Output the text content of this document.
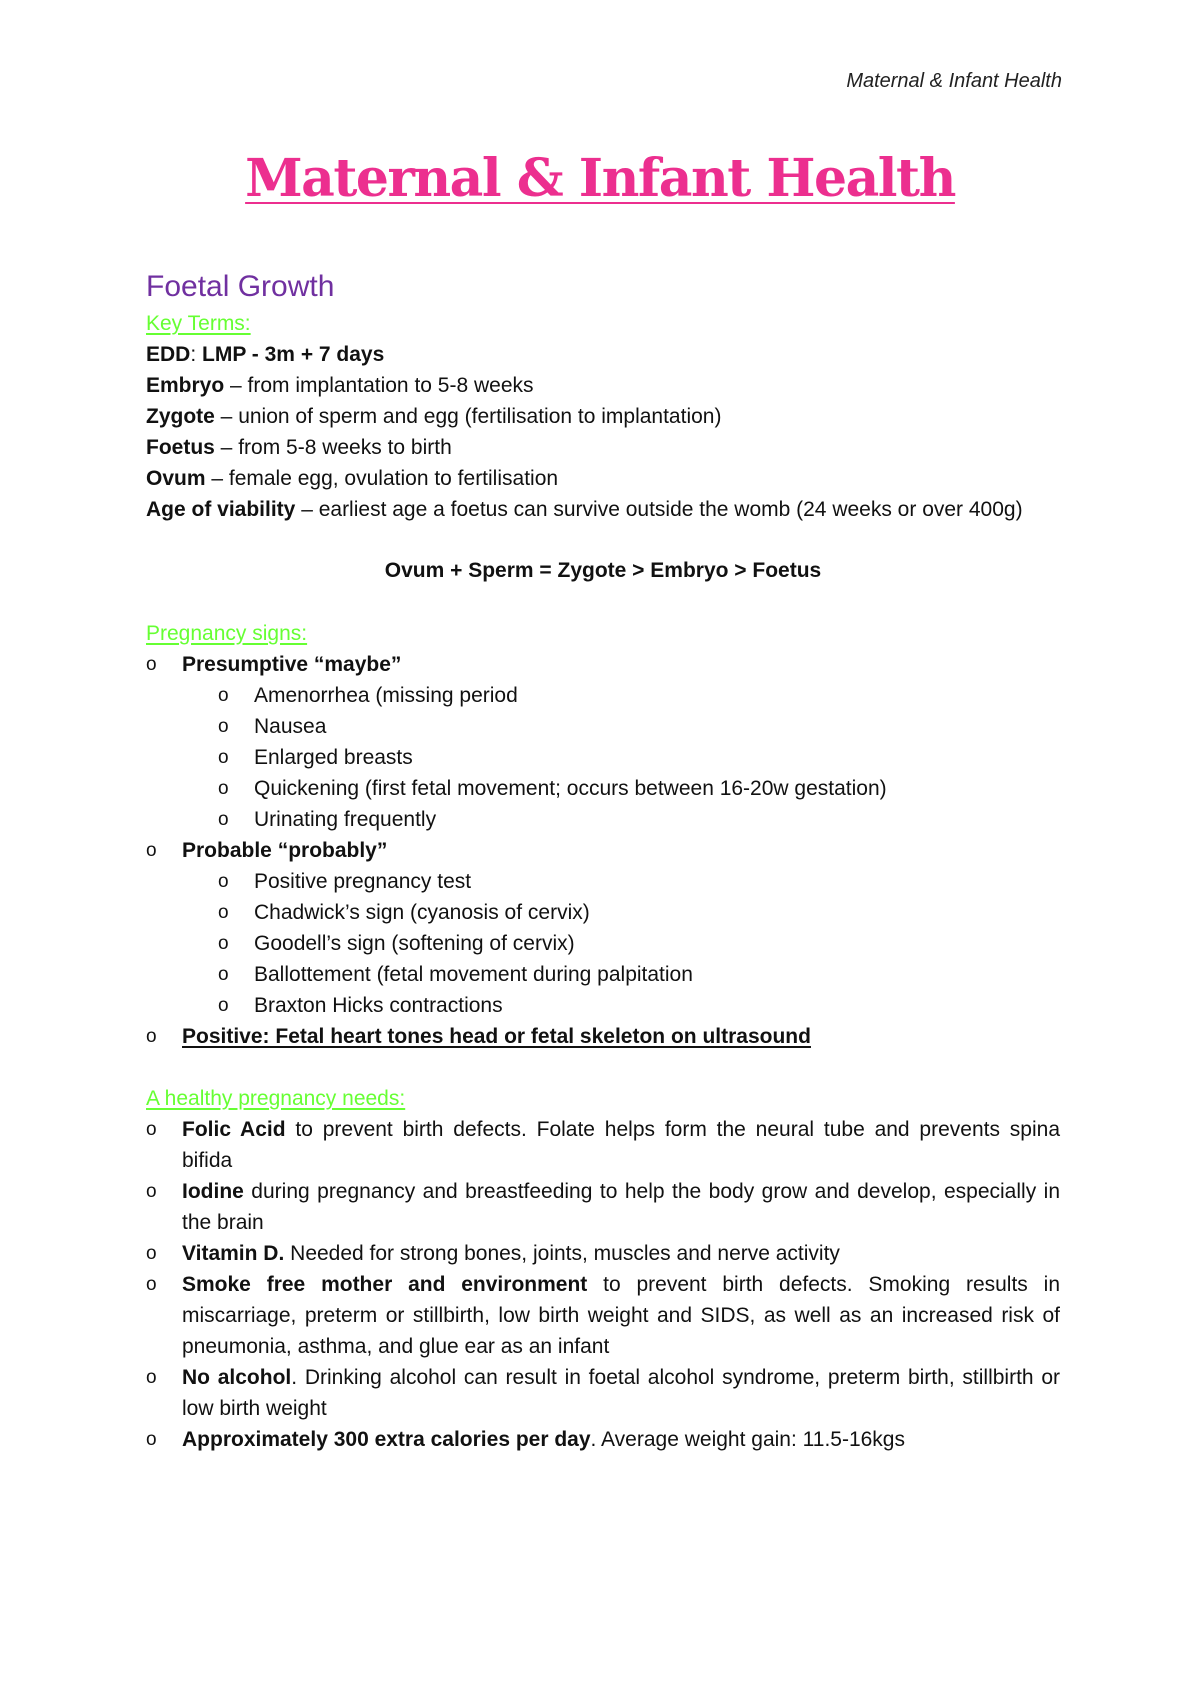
Maternal & Infant Health
Maternal & Infant Health
Foetal Growth
Key Terms:
EDD: LMP - 3m + 7 days
Embryo – from implantation to 5-8 weeks
Zygote – union of sperm and egg (fertilisation to implantation)
Foetus – from 5-8 weeks to birth
Ovum – female egg, ovulation to fertilisation
Age of viability – earliest age a foetus can survive outside the womb (24 weeks or over 400g)
Ovum + Sperm = Zygote > Embryo > Foetus
Pregnancy signs:
o Presumptive “maybe”
o Amenorrhea (missing period
o Nausea
o Enlarged breasts
o Quickening (first fetal movement; occurs between 16-20w gestation)
o Urinating frequently
o Probable “probably”
o Positive pregnancy test
o Chadwick’s sign (cyanosis of cervix)
o Goodell’s sign (softening of cervix)
o Ballottement (fetal movement during palpitation
o Braxton Hicks contractions
o Positive: Fetal heart tones head or fetal skeleton on ultrasound
A healthy pregnancy needs:
o Folic Acid to prevent birth defects. Folate helps form the neural tube and prevents spina bifida
o Iodine during pregnancy and breastfeeding to help the body grow and develop, especially in the brain
o Vitamin D. Needed for strong bones, joints, muscles and nerve activity
o Smoke free mother and environment to prevent birth defects. Smoking results in miscarriage, preterm or stillbirth, low birth weight and SIDS, as well as an increased risk of pneumonia, asthma, and glue ear as an infant
o No alcohol. Drinking alcohol can result in foetal alcohol syndrome, preterm birth, stillbirth or low birth weight
o Approximately 300 extra calories per day. Average weight gain: 11.5-16kgs
